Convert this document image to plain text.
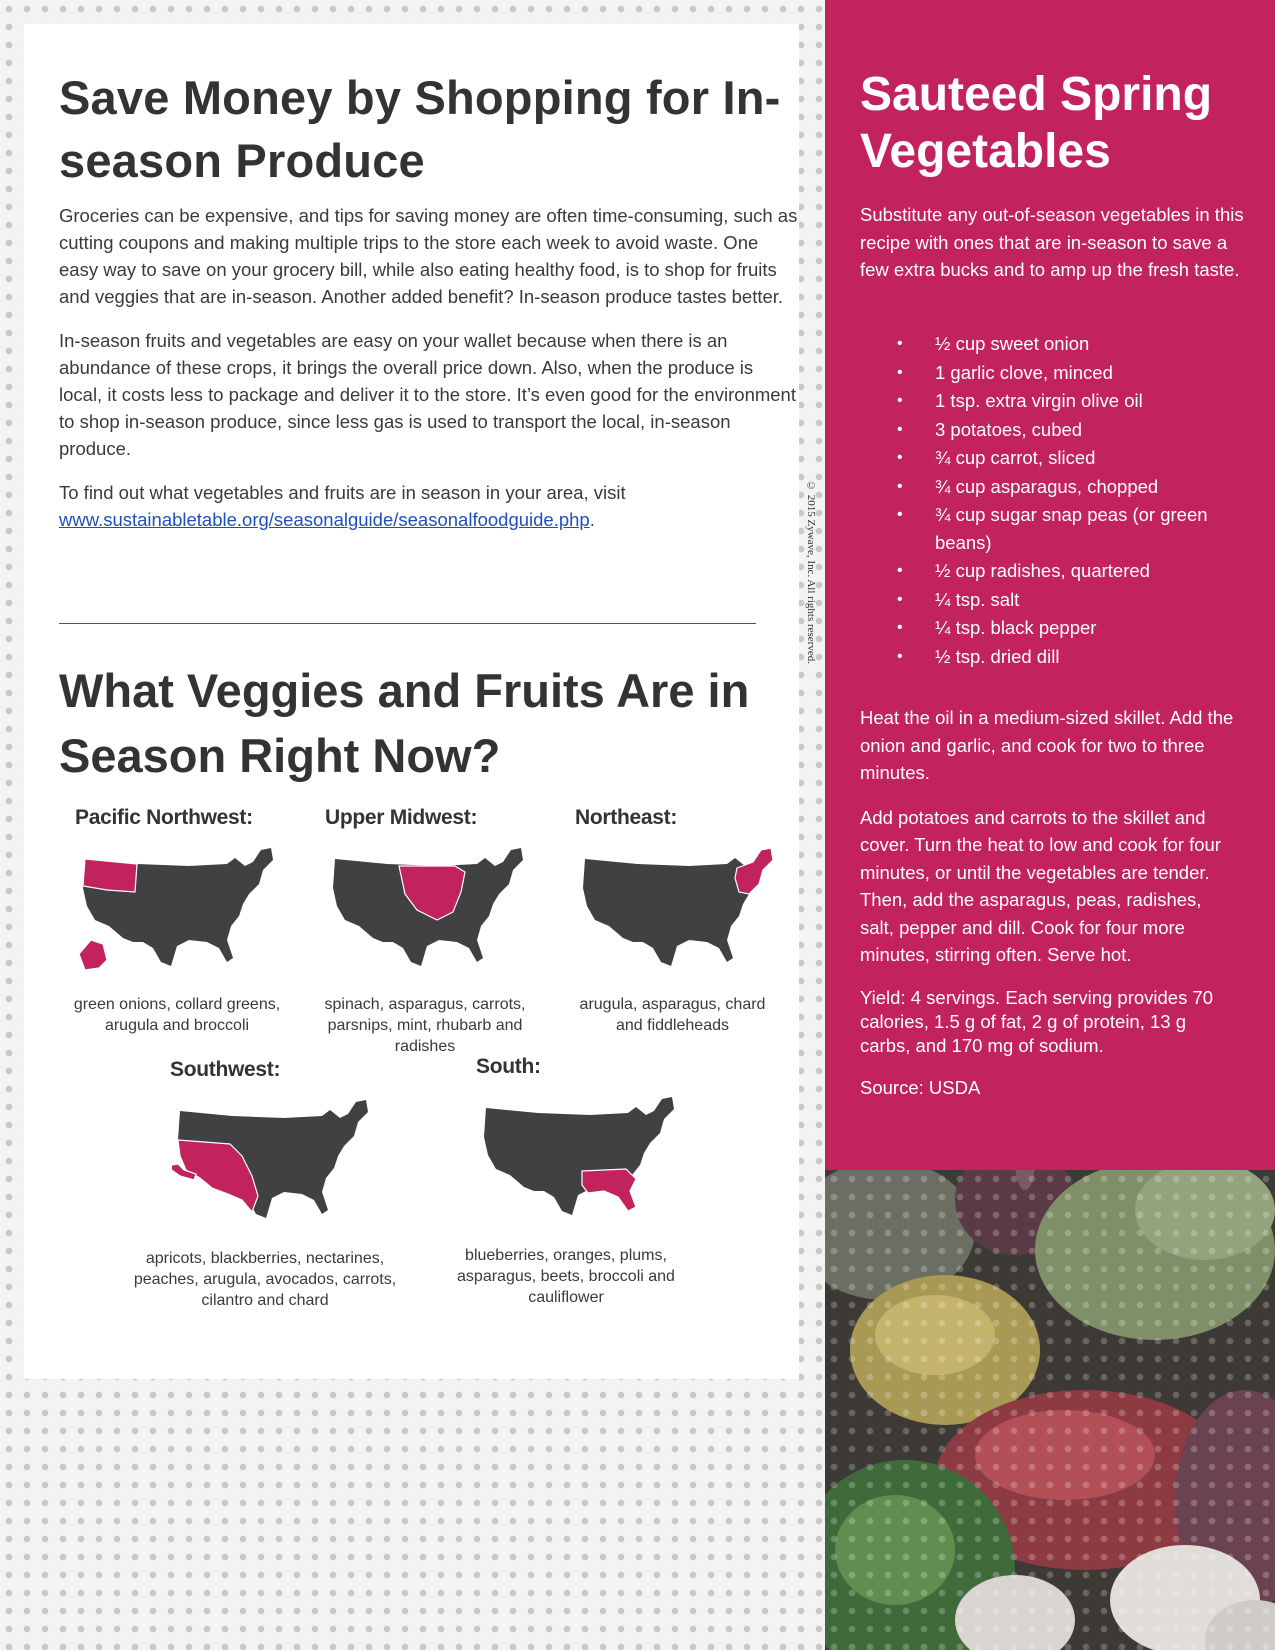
Save Money by Shopping for In-season Produce

Groceries can be expensive, and tips for saving money are often time-consuming, such as cutting coupons and making multiple trips to the store each week to avoid waste. One easy way to save on your grocery bill, while also eating healthy food, is to shop for fruits and veggies that are in-season. Another added benefit? In-season produce tastes better.

In-season fruits and vegetables are easy on your wallet because when there is an abundance of these crops, it brings the overall price down. Also, when the produce is local, it costs less to package and deliver it to the store. It’s even good for the environment to shop in-season produce, since less gas is used to transport the local, in-season produce.

To find out what vegetables and fruits are in season in your area, visit www.sustainabletable.org/seasonalguide/seasonalfoodguide.php.

What Veggies and Fruits Are in Season Right Now?
© 2015 Zywave, Inc. All rights reserved.
Pacific Northwest:
green onions, collard greens, arugula and broccoli
Upper Midwest:
spinach, asparagus, carrots, parsnips, mint, rhubarb and radishes
Northeast:
arugula, asparagus, chard and fiddleheads
Southwest:
apricots, blackberries, nectarines, peaches, arugula, avocados, carrots, cilantro and chard
South:
blueberries, oranges, plums, asparagus, beets, broccoli and cauliflower
Sauteed Spring Vegetables

Substitute any out-of-season vegetables in this recipe with ones that are in-season to save a few extra bucks and to amp up the fresh taste.

• ½ cup sweet onion
• 1 garlic clove, minced
• 1 tsp. extra virgin olive oil
• 3 potatoes, cubed
• ¾ cup carrot, sliced
• ¾ cup asparagus, chopped
• ¾ cup sugar snap peas (or green beans)
• ½ cup radishes, quartered
• ¼ tsp. salt
• ¼ tsp. black pepper
• ½ tsp. dried dill

Heat the oil in a medium-sized skillet. Add the onion and garlic, and cook for two to three minutes.

Add potatoes and carrots to the skillet and cover. Turn the heat to low and cook for four minutes, or until the vegetables are tender. Then, add the asparagus, peas, radishes, salt, pepper and dill. Cook for four more minutes, stirring often. Serve hot.

Yield: 4 servings. Each serving provides 70 calories, 1.5 g of fat, 2 g of protein, 13 g carbs, and 170 mg of sodium.

Source: USDA
